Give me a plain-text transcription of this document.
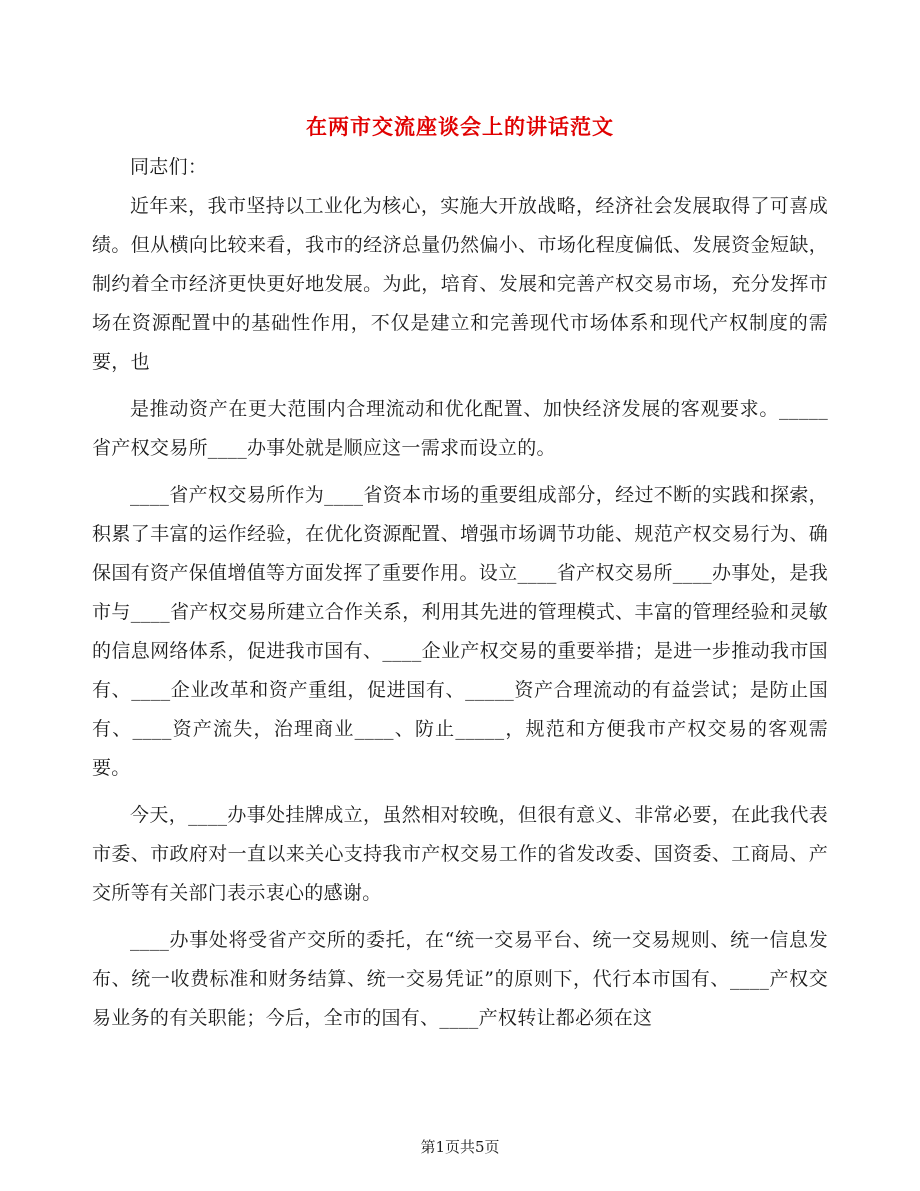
在两市交流座谈会上的讲话范文

同志们：

近年来，我市坚持以工业化为核心，实施大开放战略，经济社会发展取得了可喜成绩。但从横向比较来看，我市的经济总量仍然偏小、市场化程度偏低、发展资金短缺，制约着全市经济更快更好地发展。为此，培育、发展和完善产权交易市场，充分发挥市场在资源配置中的基础性作用，不仅是建立和完善现代市场体系和现代产权制度的需要，也

是推动资产在更大范围内合理流动和优化配置、加快经济发展的客观要求。_____省产权交易所____办事处就是顺应这一需求而设立的。

____省产权交易所作为____省资本市场的重要组成部分，经过不断的实践和探索，积累了丰富的运作经验，在优化资源配置、增强市场调节功能、规范产权交易行为、确保国有资产保值增值等方面发挥了重要作用。设立____省产权交易所____办事处，是我市与____省产权交易所建立合作关系，利用其先进的管理模式、丰富的管理经验和灵敏的信息网络体系，促进我市国有、____企业产权交易的重要举措；是进一步推动我市国有、____企业改革和资产重组，促进国有、_____资产合理流动的有益尝试；是防止国有、____资产流失，治理商业____、防止_____，规范和方便我市产权交易的客观需要。

今天，____办事处挂牌成立，虽然相对较晚，但很有意义、非常必要，在此我代表市委、市政府对一直以来关心支持我市产权交易工作的省发改委、国资委、工商局、产交所等有关部门表示衷心的感谢。

____办事处将受省产交所的委托，在“统一交易平台、统一交易规则、统一信息发布、统一收费标准和财务结算、统一交易凭证”的原则下，代行本市国有、____产权交易业务的有关职能；今后，全市的国有、____产权转让都必须在这

第1页共5页
